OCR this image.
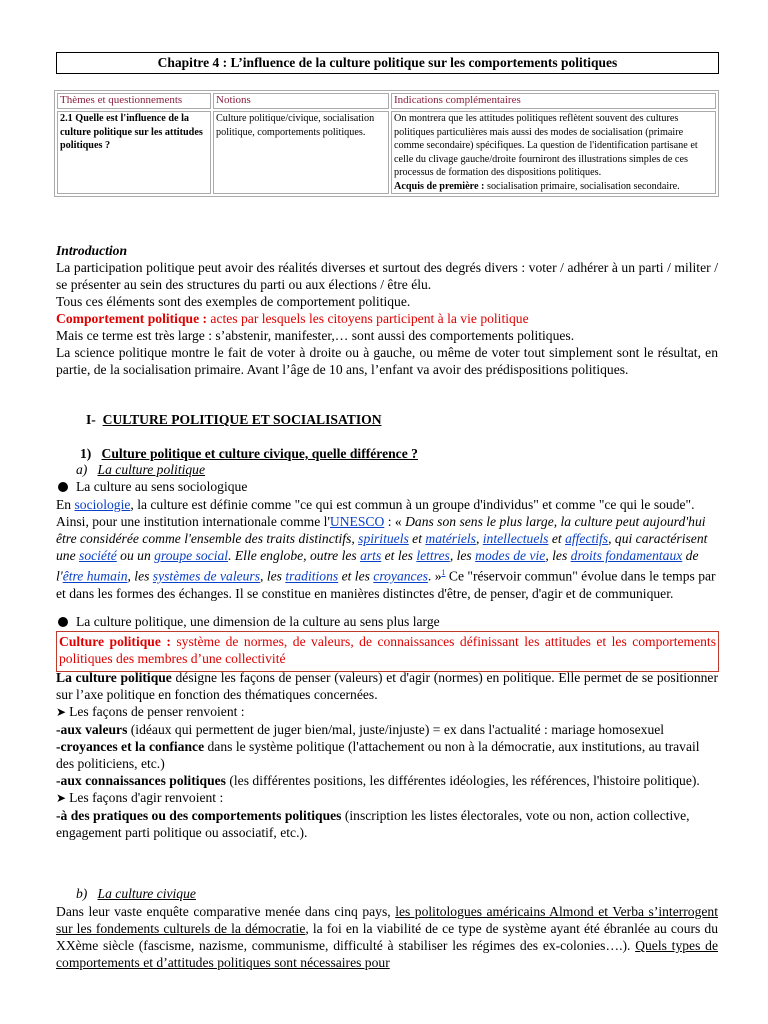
Chapitre 4 : L’influence de la culture politique sur les comportements politiques
Thèmes et questionnements	Notions	Indications complémentaires
2.1 Quelle est l'influence de la culture politique sur les attitudes politiques ?	Culture politique/civique, socialisation politique, comportements politiques.	On montrera que les attitudes politiques reflètent souvent des cultures politiques particulières mais aussi des modes de socialisation (primaire comme secondaire) spécifiques. La question de l'identification partisane et celle du clivage gauche/droite fourniront des illustrations simples de ces processus de formation des dispositions politiques.
Acquis de première : socialisation primaire, socialisation secondaire.
Introduction
La participation politique peut avoir des réalités diverses et surtout des degrés divers : voter / adhérer à un parti / militer / se présenter au sein des structures du parti ou aux élections / être élu.
Tous ces éléments sont des exemples de comportement politique.
Comportement politique : actes par lesquels les citoyens participent à la vie politique
Mais ce terme est très large : s’abstenir, manifester,… sont aussi des comportements politiques.
La science politique montre le fait de voter à droite ou à gauche, ou même de voter tout simplement sont le résultat, en partie, de la socialisation primaire. Avant l’âge de 10 ans, l’enfant va avoir des prédispositions politiques.
I- CULTURE POLITIQUE ET SOCIALISATION
1) Culture politique et culture civique, quelle différence ?
a) La culture politique
La culture au sens sociologique
En sociologie, la culture est définie comme "ce qui est commun à un groupe d'individus" et comme "ce qui le soude". Ainsi, pour une institution internationale comme l'UNESCO : « Dans son sens le plus large, la culture peut aujourd'hui être considérée comme l'ensemble des traits distinctifs, spirituels et matériels, intellectuels et affectifs, qui caractérisent une société ou un groupe social. Elle englobe, outre les arts et les lettres, les modes de vie, les droits fondamentaux de l'être humain, les systèmes de valeurs, les traditions et les croyances. »$^1$ Ce "réservoir commun" évolue dans le temps par et dans les formes des échanges. Il se constitue en manières distinctes d'être, de penser, d'agir et de communiquer.
La culture politique, une dimension de la culture au sens plus large
Culture politique : système de normes, de valeurs, de connaissances définissant les attitudes et les comportements politiques des membres d’une collectivité
La culture politique désigne les façons de penser (valeurs) et d'agir (normes) en politique. Elle permet de se positionner sur l’axe politique en fonction des thématiques concernées.
➤ Les façons de penser renvoient :
-aux valeurs (idéaux qui permettent de juger bien/mal, juste/injuste) = ex dans l'actualité : mariage homosexuel
-croyances et la confiance dans le système politique (l'attachement ou non à la démocratie, aux institutions, au travail des politiciens, etc.)
-aux connaissances politiques (les différentes positions, les différentes idéologies, les références, l'histoire politique).
➤ Les façons d'agir renvoient :
-à des pratiques ou des comportements politiques (inscription les listes électorales, vote ou non, action collective, engagement parti politique ou associatif, etc.).
b) La culture civique
Dans leur vaste enquête comparative menée dans cinq pays, les politologues américains Almond et Verba s’interrogent sur les fondements culturels de la démocratie, la foi en la viabilité de ce type de système ayant été ébranlée au cours du XXème siècle (fascisme, nazisme, communisme, difficulté à stabiliser les régimes des ex-colonies….). Quels types de comportements et d’attitudes politiques sont nécessaires pour
